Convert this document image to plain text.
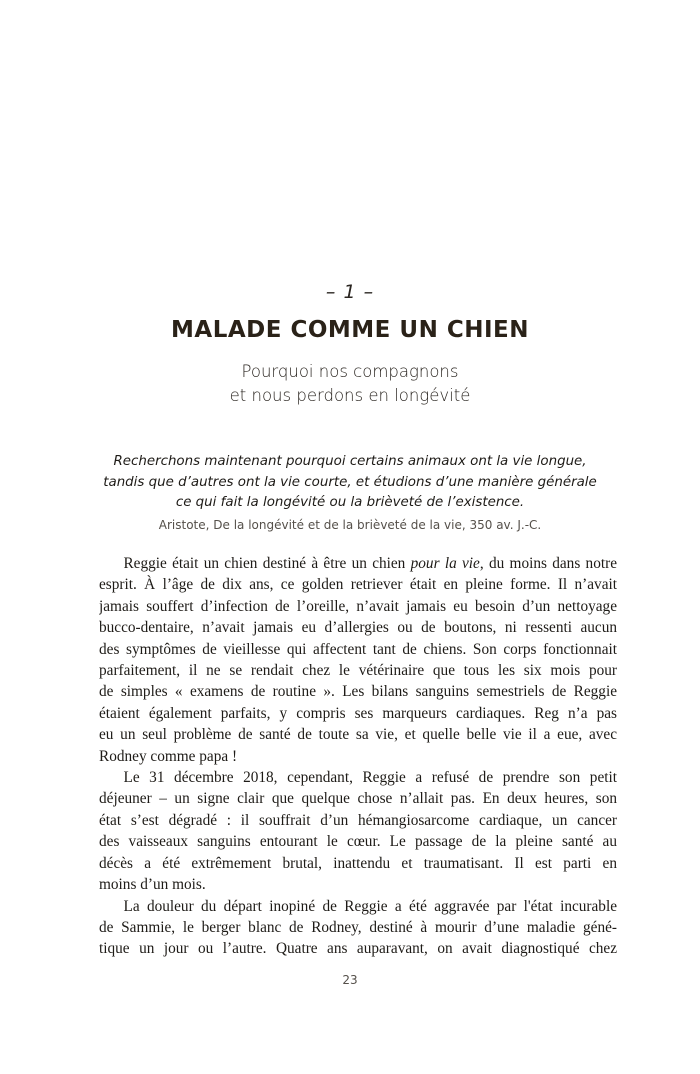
– 1 –
MALADE COMME UN CHIEN
Pourquoi nos compagnons
et nous perdons en longévité
Recherchons maintenant pourquoi certains animaux ont la vie longue,
tandis que d’autres ont la vie courte, et étudions d’une manière générale
ce qui fait la longévité ou la brièveté de l’existence.
Aristote, De la longévité et de la brièveté de la vie, 350 av. J.-C.
Reggie était un chien destiné à être un chien pour la vie, du moins dans notre
esprit. À l’âge de dix ans, ce golden retriever était en pleine forme. Il n’avait
jamais souffert d’infection de l’oreille, n’avait jamais eu besoin d’un nettoyage
bucco-dentaire, n’avait jamais eu d’allergies ou de boutons, ni ressenti aucun
des symptômes de vieillesse qui affectent tant de chiens. Son corps fonctionnait
parfaitement, il ne se rendait chez le vétérinaire que tous les six mois pour
de simples « examens de routine ». Les bilans sanguins semestriels de Reggie
étaient également parfaits, y compris ses marqueurs cardiaques. Reg n’a pas
eu un seul problème de santé de toute sa vie, et quelle belle vie il a eue, avec
Rodney comme papa !
Le 31 décembre 2018, cependant, Reggie a refusé de prendre son petit
déjeuner – un signe clair que quelque chose n’allait pas. En deux heures, son
état s’est dégradé : il souffrait d’un hémangiosarcome cardiaque, un cancer
des vaisseaux sanguins entourant le cœur. Le passage de la pleine santé au
décès a été extrêmement brutal, inattendu et traumatisant. Il est parti en
moins d’un mois.
La douleur du départ inopiné de Reggie a été aggravée par l'état incurable
de Sammie, le berger blanc de Rodney, destiné à mourir d’une maladie géné-
tique un jour ou l’autre. Quatre ans auparavant, on avait diagnostiqué chez
23
